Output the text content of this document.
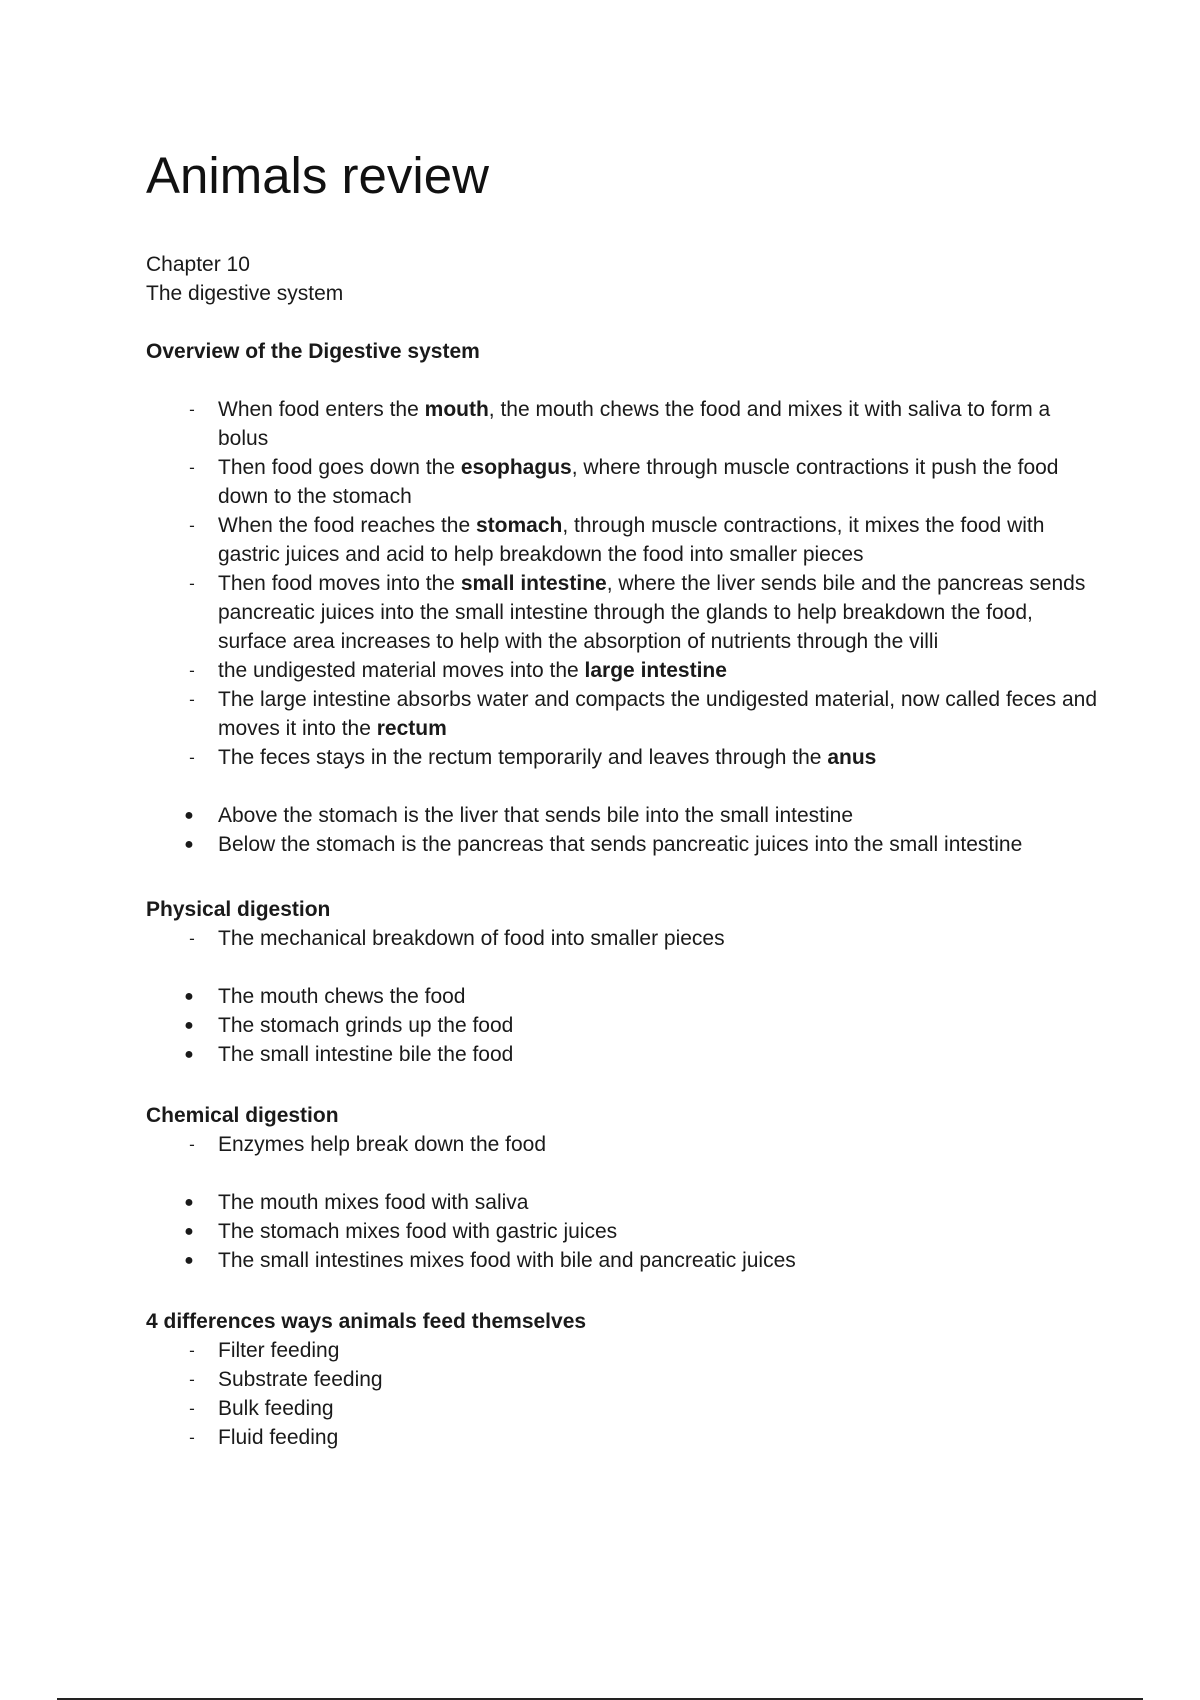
Animals review
Chapter 10
The digestive system
Overview of the Digestive system
-	When food enters the mouth, the mouth chews the food and mixes it with saliva to form a bolus
-	Then food goes down the esophagus, where through muscle contractions it push the food down to the stomach
-	When the food reaches the stomach, through muscle contractions, it mixes the food with gastric juices and acid to help breakdown the food into smaller pieces
-	Then food moves into the small intestine, where the liver sends bile and the pancreas sends pancreatic juices into the small intestine through the glands to help breakdown the food, surface area increases to help with the absorption of nutrients through the villi
-	the undigested material moves into the large intestine
-	The large intestine absorbs water and compacts the undigested material, now called feces and moves it into the rectum
-	The feces stays in the rectum temporarily and leaves through the anus
● Above the stomach is the liver that sends bile into the small intestine
● Below the stomach is the pancreas that sends pancreatic juices into the small intestine
Physical digestion
-	The mechanical breakdown of food into smaller pieces
● The mouth chews the food
● The stomach grinds up the food
● The small intestine bile the food
Chemical digestion
-	Enzymes help break down the food
● The mouth mixes food with saliva
● The stomach mixes food with gastric juices
● The small intestines mixes food with bile and pancreatic juices
4 differences ways animals feed themselves
-	Filter feeding
-	Substrate feeding
-	Bulk feeding
-	Fluid feeding
